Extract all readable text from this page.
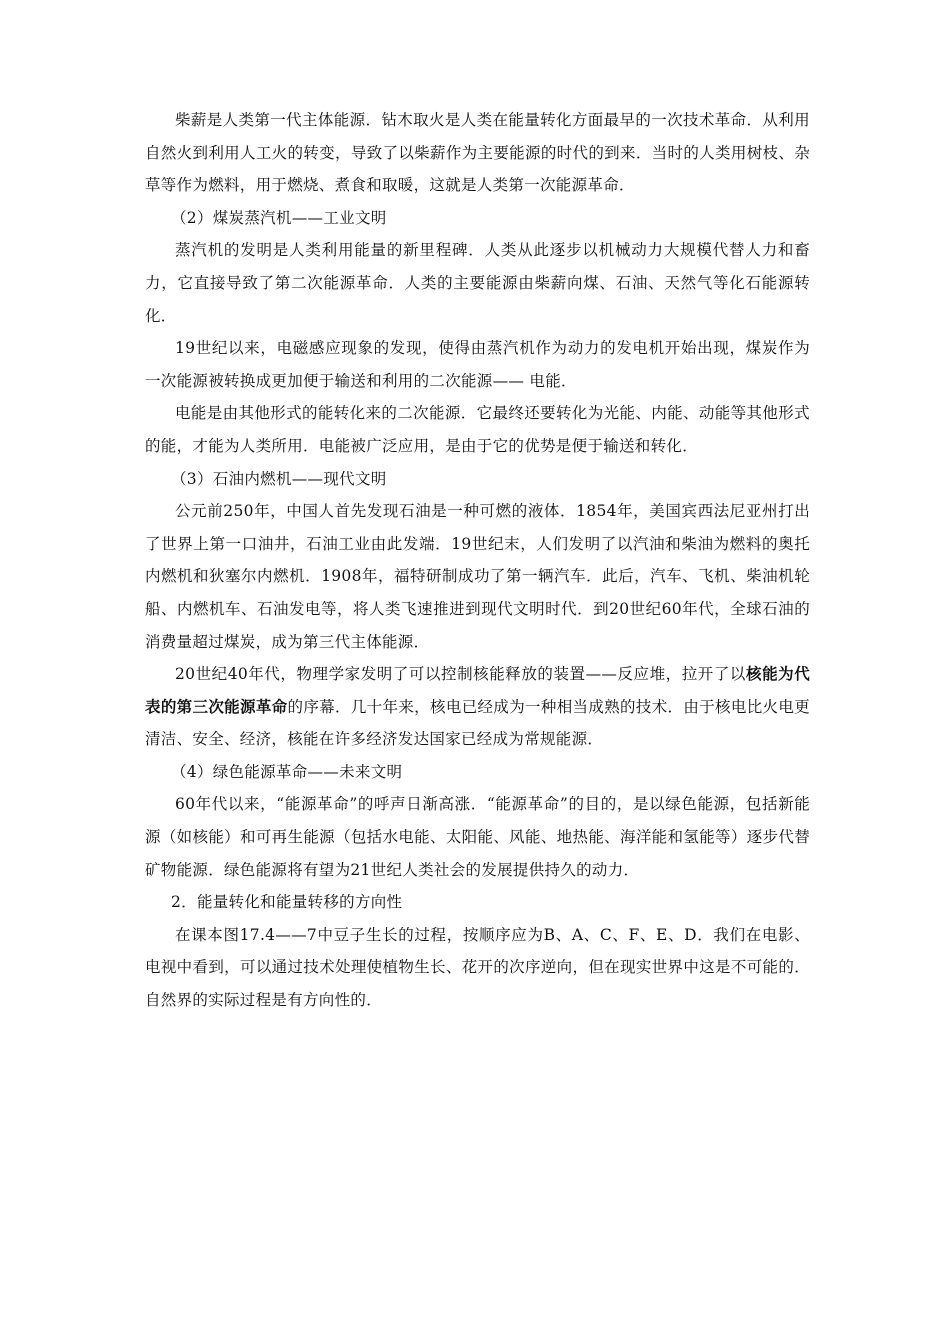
柴薪是人类第一代主体能源．钻木取火是人类在能量转化方面最早的一次技术革命．从利用自然火到利用人工火的转变，导致了以柴薪作为主要能源的时代的到来．当时的人类用树枝、杂草等作为燃料，用于燃烧、煮食和取暖，这就是人类第一次能源革命．

（2）煤炭蒸汽机——工业文明

蒸汽机的发明是人类利用能量的新里程碑．人类从此逐步以机械动力大规模代替人力和畜力，它直接导致了第二次能源革命．人类的主要能源由柴薪向煤、石油、天然气等化石能源转化．

19世纪以来，电磁感应现象的发现，使得由蒸汽机作为动力的发电机开始出现，煤炭作为一次能源被转换成更加便于输送和利用的二次能源—— 电能．

电能是由其他形式的能转化来的二次能源．它最终还要转化为光能、内能、动能等其他形式的能，才能为人类所用．电能被广泛应用，是由于它的优势是便于输送和转化．

（3）石油内燃机——现代文明

公元前250年，中国人首先发现石油是一种可燃的液体．1854年，美国宾西法尼亚州打出了世界上第一口油井，石油工业由此发端．19世纪末，人们发明了以汽油和柴油为燃料的奥托内燃机和狄塞尔内燃机．1908年，福特研制成功了第一辆汽车．此后，汽车、飞机、柴油机轮船、内燃机车、石油发电等，将人类飞速推进到现代文明时代．到20世纪60年代，全球石油的消费量超过煤炭，成为第三代主体能源．

20世纪40年代，物理学家发明了可以控制核能释放的装置——反应堆，拉开了以核能为代表的第三次能源革命的序幕．几十年来，核电已经成为一种相当成熟的技术．由于核电比火电更清洁、安全、经济，核能在许多经济发达国家已经成为常规能源．

（4）绿色能源革命——未来文明

60年代以来，“能源革命”的呼声日渐高涨．“能源革命”的目的，是以绿色能源，包括新能源（如核能）和可再生能源（包括水电能、太阳能、风能、地热能、海洋能和氢能等）逐步代替矿物能源．绿色能源将有望为21世纪人类社会的发展提供持久的动力．

2．能量转化和能量转移的方向性

在课本图17.4——7中豆子生长的过程，按顺序应为B、A、C、F、E、D．我们在电影、电视中看到，可以通过技术处理使植物生长、花开的次序逆向，但在现实世界中这是不可能的．自然界的实际过程是有方向性的．
